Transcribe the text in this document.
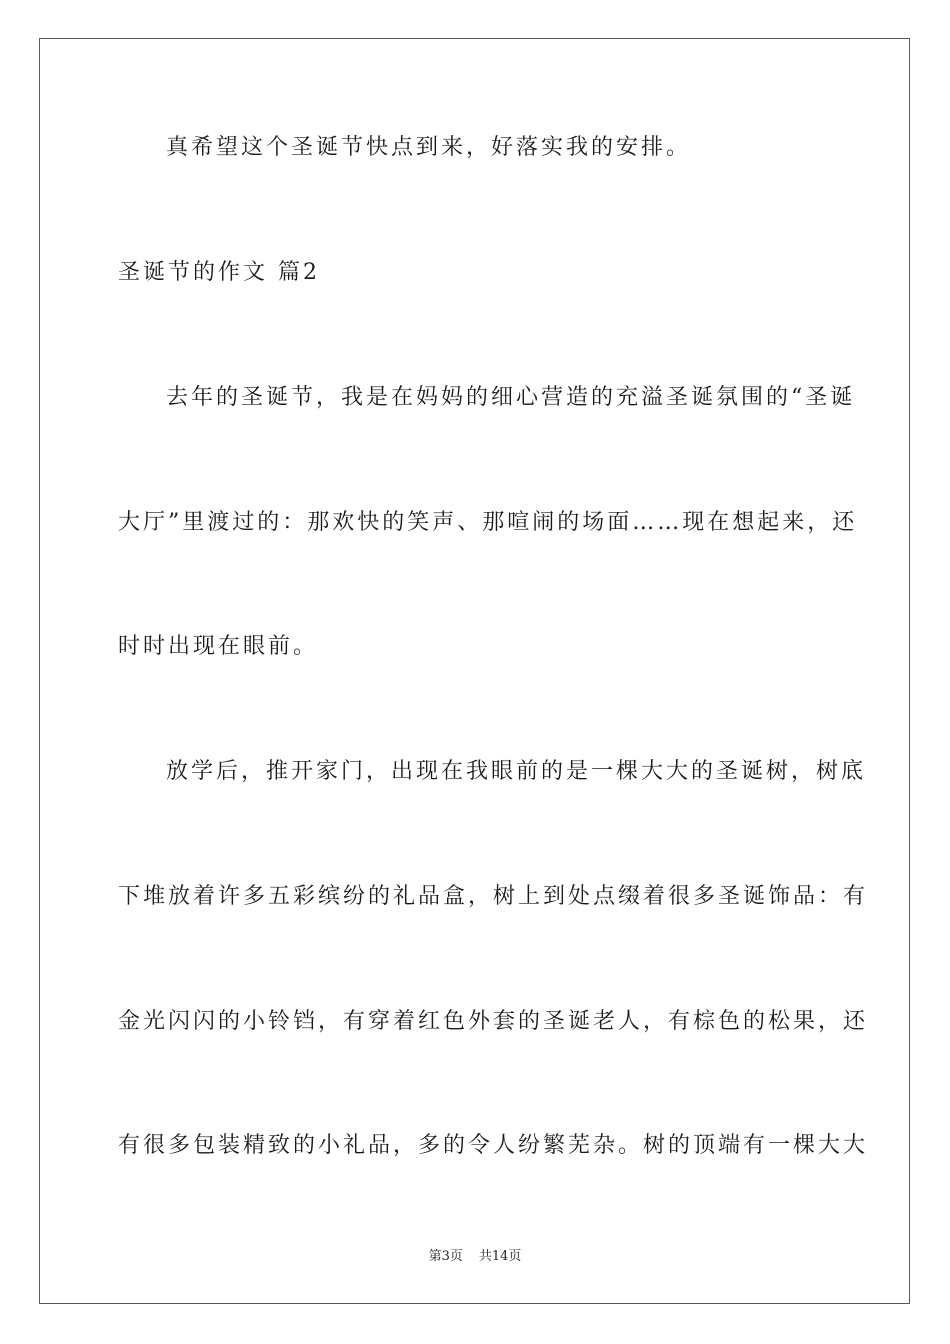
真希望这个圣诞节快点到来，好落实我的安排。
圣诞节的作文 篇2
去年的圣诞节，我是在妈妈的细心营造的充溢圣诞氛围的“圣诞
大厅”里渡过的：那欢快的笑声、那喧闹的场面……现在想起来，还
时时出现在眼前。
放学后，推开家门，出现在我眼前的是一棵大大的圣诞树，树底
下堆放着许多五彩缤纷的礼品盒，树上到处点缀着很多圣诞饰品：有
金光闪闪的小铃铛，有穿着红色外套的圣诞老人，有棕色的松果，还
有很多包装精致的小礼品，多的令人纷繁芜杂。树的顶端有一棵大大
第3页 共14页
